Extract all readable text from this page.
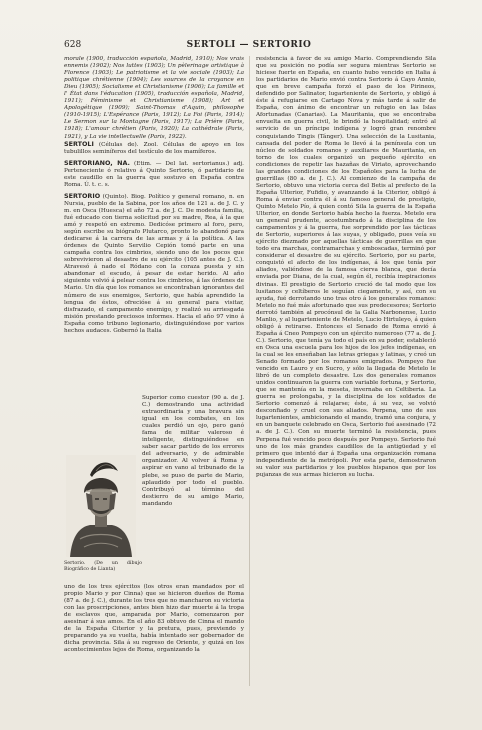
628	SERTOLI — SERTORIO

morale (1900, traducción española, Madrid, 1910); Nos vrais ennemis (1902); Nos luttes (1903); Un pèlerinage artistique à Florence (1903); Le patriotisme et la vie sociale (1903); La politique chrétienne (1904); Les sources de la croyance en Dieu (1905); Socialisme et Christianisme (1906); La famille et l' État dans l'éducation (1905), traducción española, Madrid, 1911); Féminisme et Christianisme (1908); Art et Apologétique (1909); Saint-Thomas d'Aquin, philosophe (1910-1915); L'Espérance (Paris, 1912); La Foi (Paris, 1914); Le Sermon sur la Montagne (Paris, 1917); La Prière (Paris, 1918); L'amour chrétien (Paris, 1920); La cathédrale (Paris, 1921), y La vie intellectuelle (Paris, 1922).

SERTOLI (Células de). Zool. Células de apoyo en los tubulillos seminíferos del testículo de los mamíferos.

SERTORIANO, NA. (Etim. — Del lat. sertorianus.) adj. Perteneciente ó relativo á Quinto Sertorio, ó partidario de este caudillo en la guerra que sostuvo en España contra Roma. Ú. t. c. s.

SERTORIO (Quinto). Biog. Político y general romano, n. en Nursia, pueblo de la Sabina, por los años de 121 a. de J. C. y m. en Osca (Huesca) el año 72 a. de J. C. De modesta familia, fué educado con tierna solicitud por su madre, Rea, á la que amó y respetó en extremo. Dedicóse primero al foro, pero, según escribe su biógrafo Plutarco, pronto lo abandonó para dedicarse á la carrera de las armas y á la política. A las órdenes de Quinto Servilio Cepión tomó parte en una campaña contra los cimbrios, siendo uno de los pocos que sobrevivieron al desastre de su ejército (105 antes de J. C.). Atravesó á nado el Ródano con la coraza puesta y sin abandonar el escudo, á pesar de estar herido. Al año siguiente volvió á pelear contra los cimbrios, á las órdenes de Mario. Un día que los romanos se encontraban ignorantes del número de sus enemigos, Sertorio, que había aprendido la lengua de éstos, ofrecióse á su general para visitar, disfrazado, el campamento enemigo, y realizó su arriesgada misión prestando preciosos informes. Hacia el año 97 vino á España como tribuno legionario, distinguiéndose por varios hechos audaces. Gobernó la Italia

Sertorio. (De un dibujo Biográfico de Lianta)

Superior como cuestor (90 a. de J. C.) demostrando una actividad extraordinaria y una bravura sin igual en los combates, en los cuales perdió un ojo, pero ganó fama de militar valeroso é inteligente, distinguiéndose en saber sacar partido de los errores del adversario, y de admirable organizador. Al volver á Roma y aspirar en vano al tribunado de la plebe, se puso de parte de Mario, aplaudido por todo el pueblo. Contribuyó al término del destierro de su amigo Mario, mandando

uno de los tres ejércitos (los otros eran mandados por el propio Mario y por Cinna) que se hicieron dueños de Roma (87 a. de J. C.), durante los tres que no mancharon su victoria con las proscripciones, antes bien hizo dar muerte á la tropa de esclavos que, amparada por Mario, comenzaron por asesinar á sus amos. En el año 83 obtuvo de Cinna el mando de la España Citerior y la pretura, pues, previendo y preparando ya su vuelta, había intentado ser gobernador de dicha provincia. Sila á su regreso de Oriente, y quizá en los acontecimientos lejos de Roma, organizando la

resistencia á favor de su amigo Mario. Comprendiendo Sila que su posición no podía ser segura mientras Sertorio se hiciese fuerte en España, en cuanto hubo vencido en Italia á los partidarios de Mario envió contra Sertorio á Cayo Annio, que en breve campaña forzó el paso de los Pirineos, defendido por Salinator, lugarteniente de Sertorio, y obligó á éste á refugiarse en Cartago Nova y más tarde á salir de España, con ánimo de encontrar un refugio en las Islas Afortunadas (Canarias). La Mauritania, que se encontraba envuelta en guerra civil, le brindó la hospitalidad; entró al servicio de un príncipe indígena y logró gran renombre conquistando Tingis (Tánger). Una selección de la Lusitania, cansada del poder de Roma le llevó á la península con un núcleo de soldados romanos y auxiliares de Mauritania, en torno de los cuales organizó un pequeño ejército en condiciones de repetir las hazañas de Viriato, aprovechando las grandes condiciones de los Españoles para la lucha de guerrillas (80 a. de J. C.). Al comienzo de la campaña de Sertorio, obtuvo una victoria cerca del Betis al prefecto de la España Ulterior, Fufidio, y avanzando á la Citerior, obligó á Roma á enviar contra él á su famoso general de prestigio, Quinto Metelo Pío, á quien contó Sila la guerra de la España Ulterior, en donde Sertorio había hecho la fuerza. Metelo era un general prudente, acostumbrado á la disciplina de los campamentos y á la guerra, fue sorprendido por las tácticas de Sertorio, superiores á las suyas, y obligado, pues veía su ejército diezmado por aquellas tácticas de guerrillas en que todo era marchas, contramarchas y emboscadas, terminó por considerar el desastre de su ejército. Sertorio, por su parte, conquistó el afecto de los indígenas, á los que tenía por aliados, valiéndose de la famosa cierva blanca, que decía enviada por Diana, de la cual, según él, recibía inspiraciones divinas. El prestigio de Sertorio creció de tal modo que los lusitanos y celtíberos le seguían ciegamente, y así, con su ayuda, fué derrotando uno tras otro á los generales romanos: Metelo no fué más afortunado que sus predecesores; Sertorio derrotó también al procónsul de la Galia Narbonense, Lucio Manlio, y al lugarteniente de Metelo, Lucio Hirtuleyo, á quien obligó á retirarse. Entonces el Senado de Roma envió á España á Cneo Pompeyo con un ejército numeroso (77 a. de J. C.). Sertorio, que tenía ya todo el país en su poder, estableció en Osca una escuela para los hijos de los jefes indígenas, en la cual se les enseñaban las letras griegas y latinas, y creó un Senado formado por los romanos emigrados. Pompeyo fue vencido en Lauro y en Sucro, y sólo la llegada de Metelo le libró de un completo desastre. Los dos generales romanos unidos continuaron la guerra con variable fortuna, y Sertorio, que se mantenía en la meseta, invernaba en Celtiberia. La guerra se prolongaba, y la disciplina de los soldados de Sertorio comenzó á relajarse; éste, á su vez, se volvió desconfiado y cruel con sus aliados. Perpena, uno de sus lugartenientes, ambicionando el mando, tramó una conjura, y en un banquete celebrado en Osca, Sertorio fué asesinado (72 a. de J. C.). Con su muerte terminó la resistencia, pues Perpena fué vencido poco después por Pompeyo. Sertorio fué uno de los más grandes caudillos de la antigüedad y el primero que intentó dar á España una organización romana independiente de la metrópoli. Por esta parte, demostraron su valor sus partidarios y los pueblos hispanos que por los pujanzas de sus armas hicieron su lucha.
